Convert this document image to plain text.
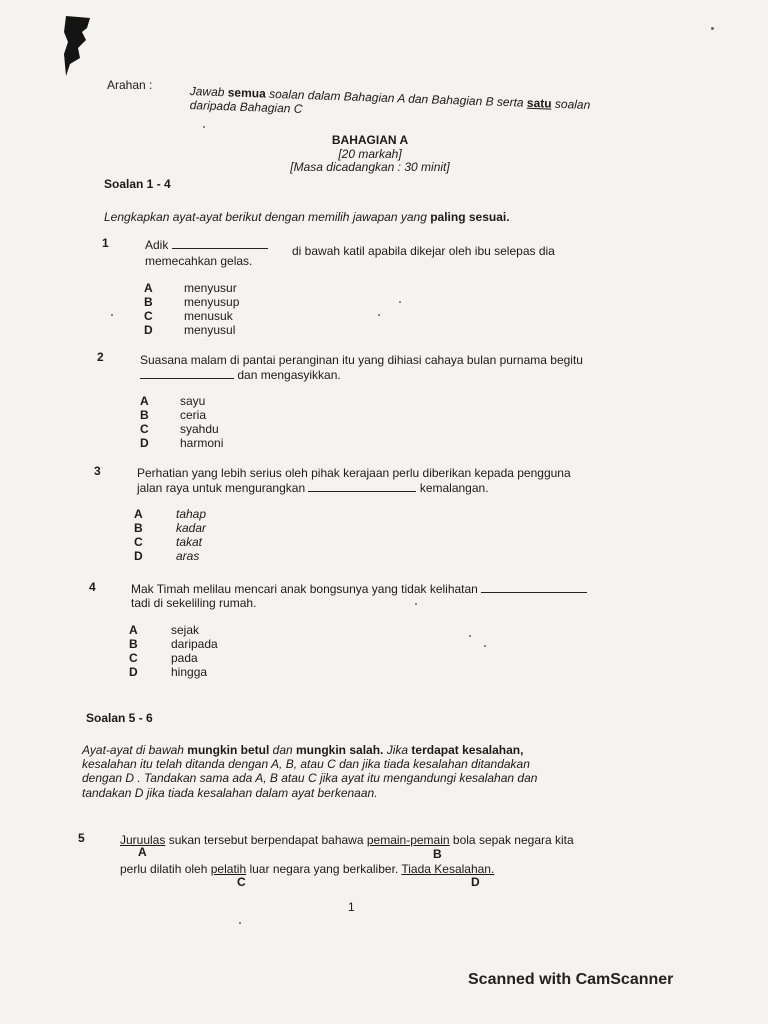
Arahan :	Jawab semua soalan dalam Bahagian A dan Bahagian B serta satu soalan
daripada Bahagian C
BAHAGIAN A
[20 markah]
[Masa dicadangkan : 30 minit]
Soalan 1 - 4
Lengkapkan ayat-ayat berikut dengan memilih jawapan yang paling sesuai.
1	Adik	di bawah katil apabila dikejar oleh ibu selepas dia
memecahkan gelas.
A	menyusur
B	menyusup
C	menusuk
D	menyusul
2	Suasana malam di pantai peranginan itu yang dihiasi cahaya bulan purnama begitu
dan mengasyikkan.
A	sayu
B	ceria
C	syahdu
D	harmoni
3	Perhatian yang lebih serius oleh pihak kerajaan perlu diberikan kepada pengguna
jalan raya untuk mengurangkan	kemalangan.
A	tahap
B	kadar
C	takat
D	aras
4	Mak Timah melilau mencari anak bongsunya yang tidak kelihatan
tadi di sekeliling rumah.
A	sejak
B	daripada
C	pada
D	hingga
Soalan 5 - 6
Ayat-ayat di bawah mungkin betul dan mungkin salah. Jika terdapat kesalahan,
kesalahan itu telah ditanda dengan A, B, atau C dan jika tiada kesalahan ditandakan
dengan D . Tandakan sama ada A, B atau C jika ayat itu mengandungi kesalahan dan
tandakan D jika tiada kesalahan dalam ayat berkenaan.
5	Juruulas sukan tersebut berpendapat bahawa pemain-pemain bola sepak negara kita
A	B
perlu dilatih oleh pelatih luar negara yang berkaliber. Tiada Kesalahan.
C	D
1
Scanned with CamScanner
